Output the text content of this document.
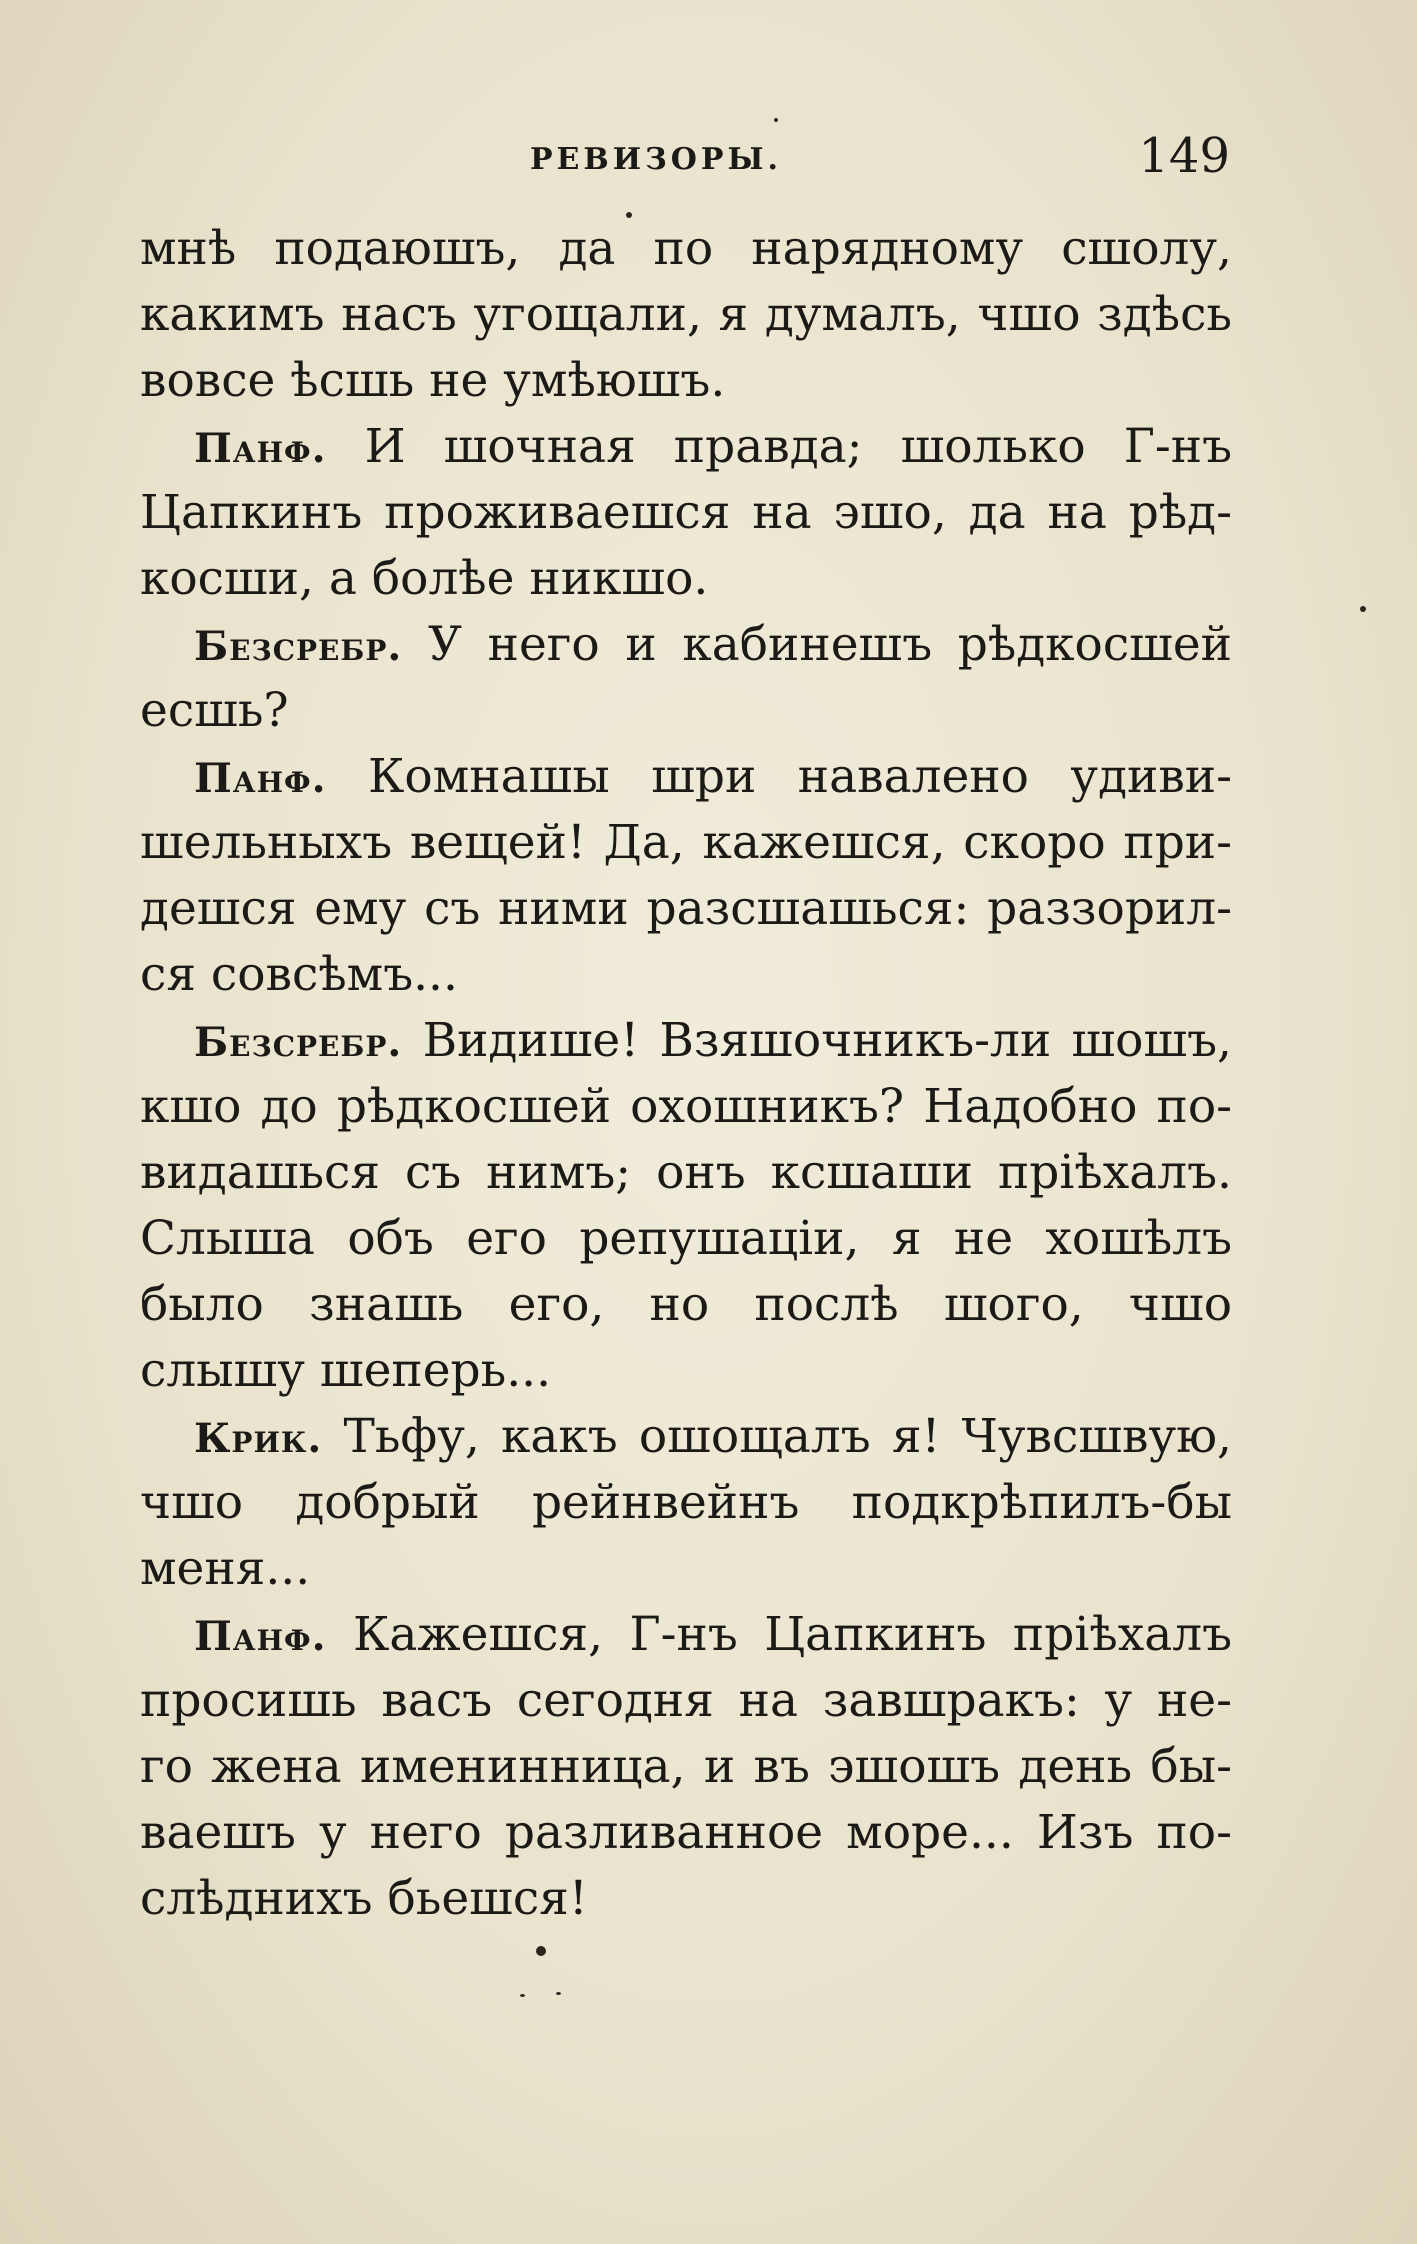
РЕВИЗОРЫ.	149
мнѣ подаюшъ, да по нарядному сшолу,
какимъ насъ угощали, я думалъ, чшо здѣсь
вовсе ѣсшь не умѣюшъ.
Панф. И шочная правда; шолько Г-нъ
Цапкинъ проживаешся на эшо, да на рѣд-
косши, а болѣе никшо.
Безсребр. У него и кабинешъ рѣдкосшей
есшь?
Панф. Комнашы шри навалено удиви-
шельныхъ вещей! Да, кажешся, скоро при-
дешся ему съ ними разсшашься: раззорил-
ся совсѣмъ...
Безсребр. Видише! Взяшочникъ-ли шошъ,
кшо до рѣдкосшей охошникъ? Надобно по-
видашься съ нимъ; онъ ксшаши пріѣхалъ.
Слыша объ его репушаціи, я не хошѣлъ
было знашь его, но послѣ шого, чшо
слышу шеперь...
Крик. Тьфу, какъ ошощалъ я! Чувсшвую,
чшо добрый рейнвейнъ подкрѣпилъ-бы
меня...
Панф. Кажешся, Г-нъ Цапкинъ пріѣхалъ
просишь васъ сегодня на завшракъ: у не-
го жена именинница, и въ эшошъ день бы-
ваешъ у него разливанное море... Изъ по-
слѣднихъ бьешся!
